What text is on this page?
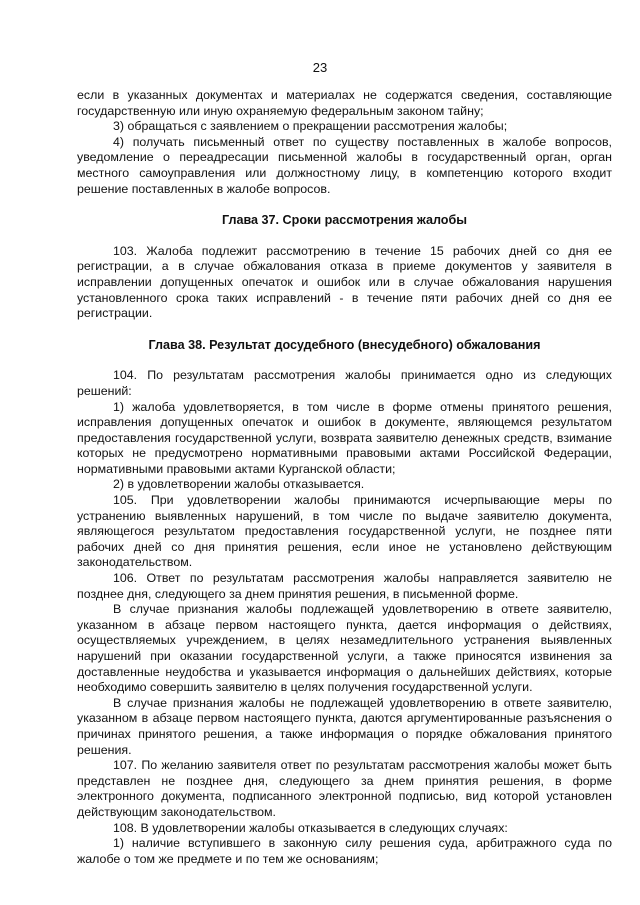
23

если в указанных документах и материалах не содержатся сведения, составляющие государственную или иную охраняемую федеральным законом тайну;

3) обращаться с заявлением о прекращении рассмотрения жалобы;

4) получать письменный ответ по существу поставленных в жалобе вопросов, уведомление о переадресации письменной жалобы в государственный орган, орган местного самоуправления или должностному лицу, в компетенцию которого входит решение поставленных в жалобе вопросов.

Глава 37. Сроки рассмотрения жалобы

103. Жалоба подлежит рассмотрению в течение 15 рабочих дней со дня ее регистрации, а в случае обжалования отказа в приеме документов у заявителя в исправлении допущенных опечаток и ошибок или в случае обжалования нарушения установленного срока таких исправлений - в течение пяти рабочих дней со дня ее регистрации.

Глава 38. Результат досудебного (внесудебного) обжалования

104. По результатам рассмотрения жалобы принимается одно из следующих решений:

1) жалоба удовлетворяется, в том числе в форме отмены принятого решения, исправления допущенных опечаток и ошибок в документе, являющемся результатом предоставления государственной услуги, возврата заявителю денежных средств, взимание которых не предусмотрено нормативными правовыми актами Российской Федерации, нормативными правовыми актами Курганской области;

2) в удовлетворении жалобы отказывается.

105. При удовлетворении жалобы принимаются исчерпывающие меры по устранению выявленных нарушений, в том числе по выдаче заявителю документа, являющегося результатом предоставления государственной услуги, не позднее пяти рабочих дней со дня принятия решения, если иное не установлено действующим законодательством.

106. Ответ по результатам рассмотрения жалобы направляется заявителю не позднее дня, следующего за днем принятия решения, в письменной форме.

В случае признания жалобы подлежащей удовлетворению в ответе заявителю, указанном в абзаце первом настоящего пункта, дается информация о действиях, осуществляемых учреждением, в целях незамедлительного устранения выявленных нарушений при оказании государственной услуги, а также приносятся извинения за доставленные неудобства и указывается информация о дальнейших действиях, которые необходимо совершить заявителю в целях получения государственной услуги.

В случае признания жалобы не подлежащей удовлетворению в ответе заявителю, указанном в абзаце первом настоящего пункта, даются аргументированные разъяснения о причинах принятого решения, а также информация о порядке обжалования принятого решения.

107. По желанию заявителя ответ по результатам рассмотрения жалобы может быть представлен не позднее дня, следующего за днем принятия решения, в форме электронного документа, подписанного электронной подписью, вид которой установлен действующим законодательством.

108. В удовлетворении жалобы отказывается в следующих случаях:

1) наличие вступившего в законную силу решения суда, арбитражного суда по жалобе о том же предмете и по тем же основаниям;
